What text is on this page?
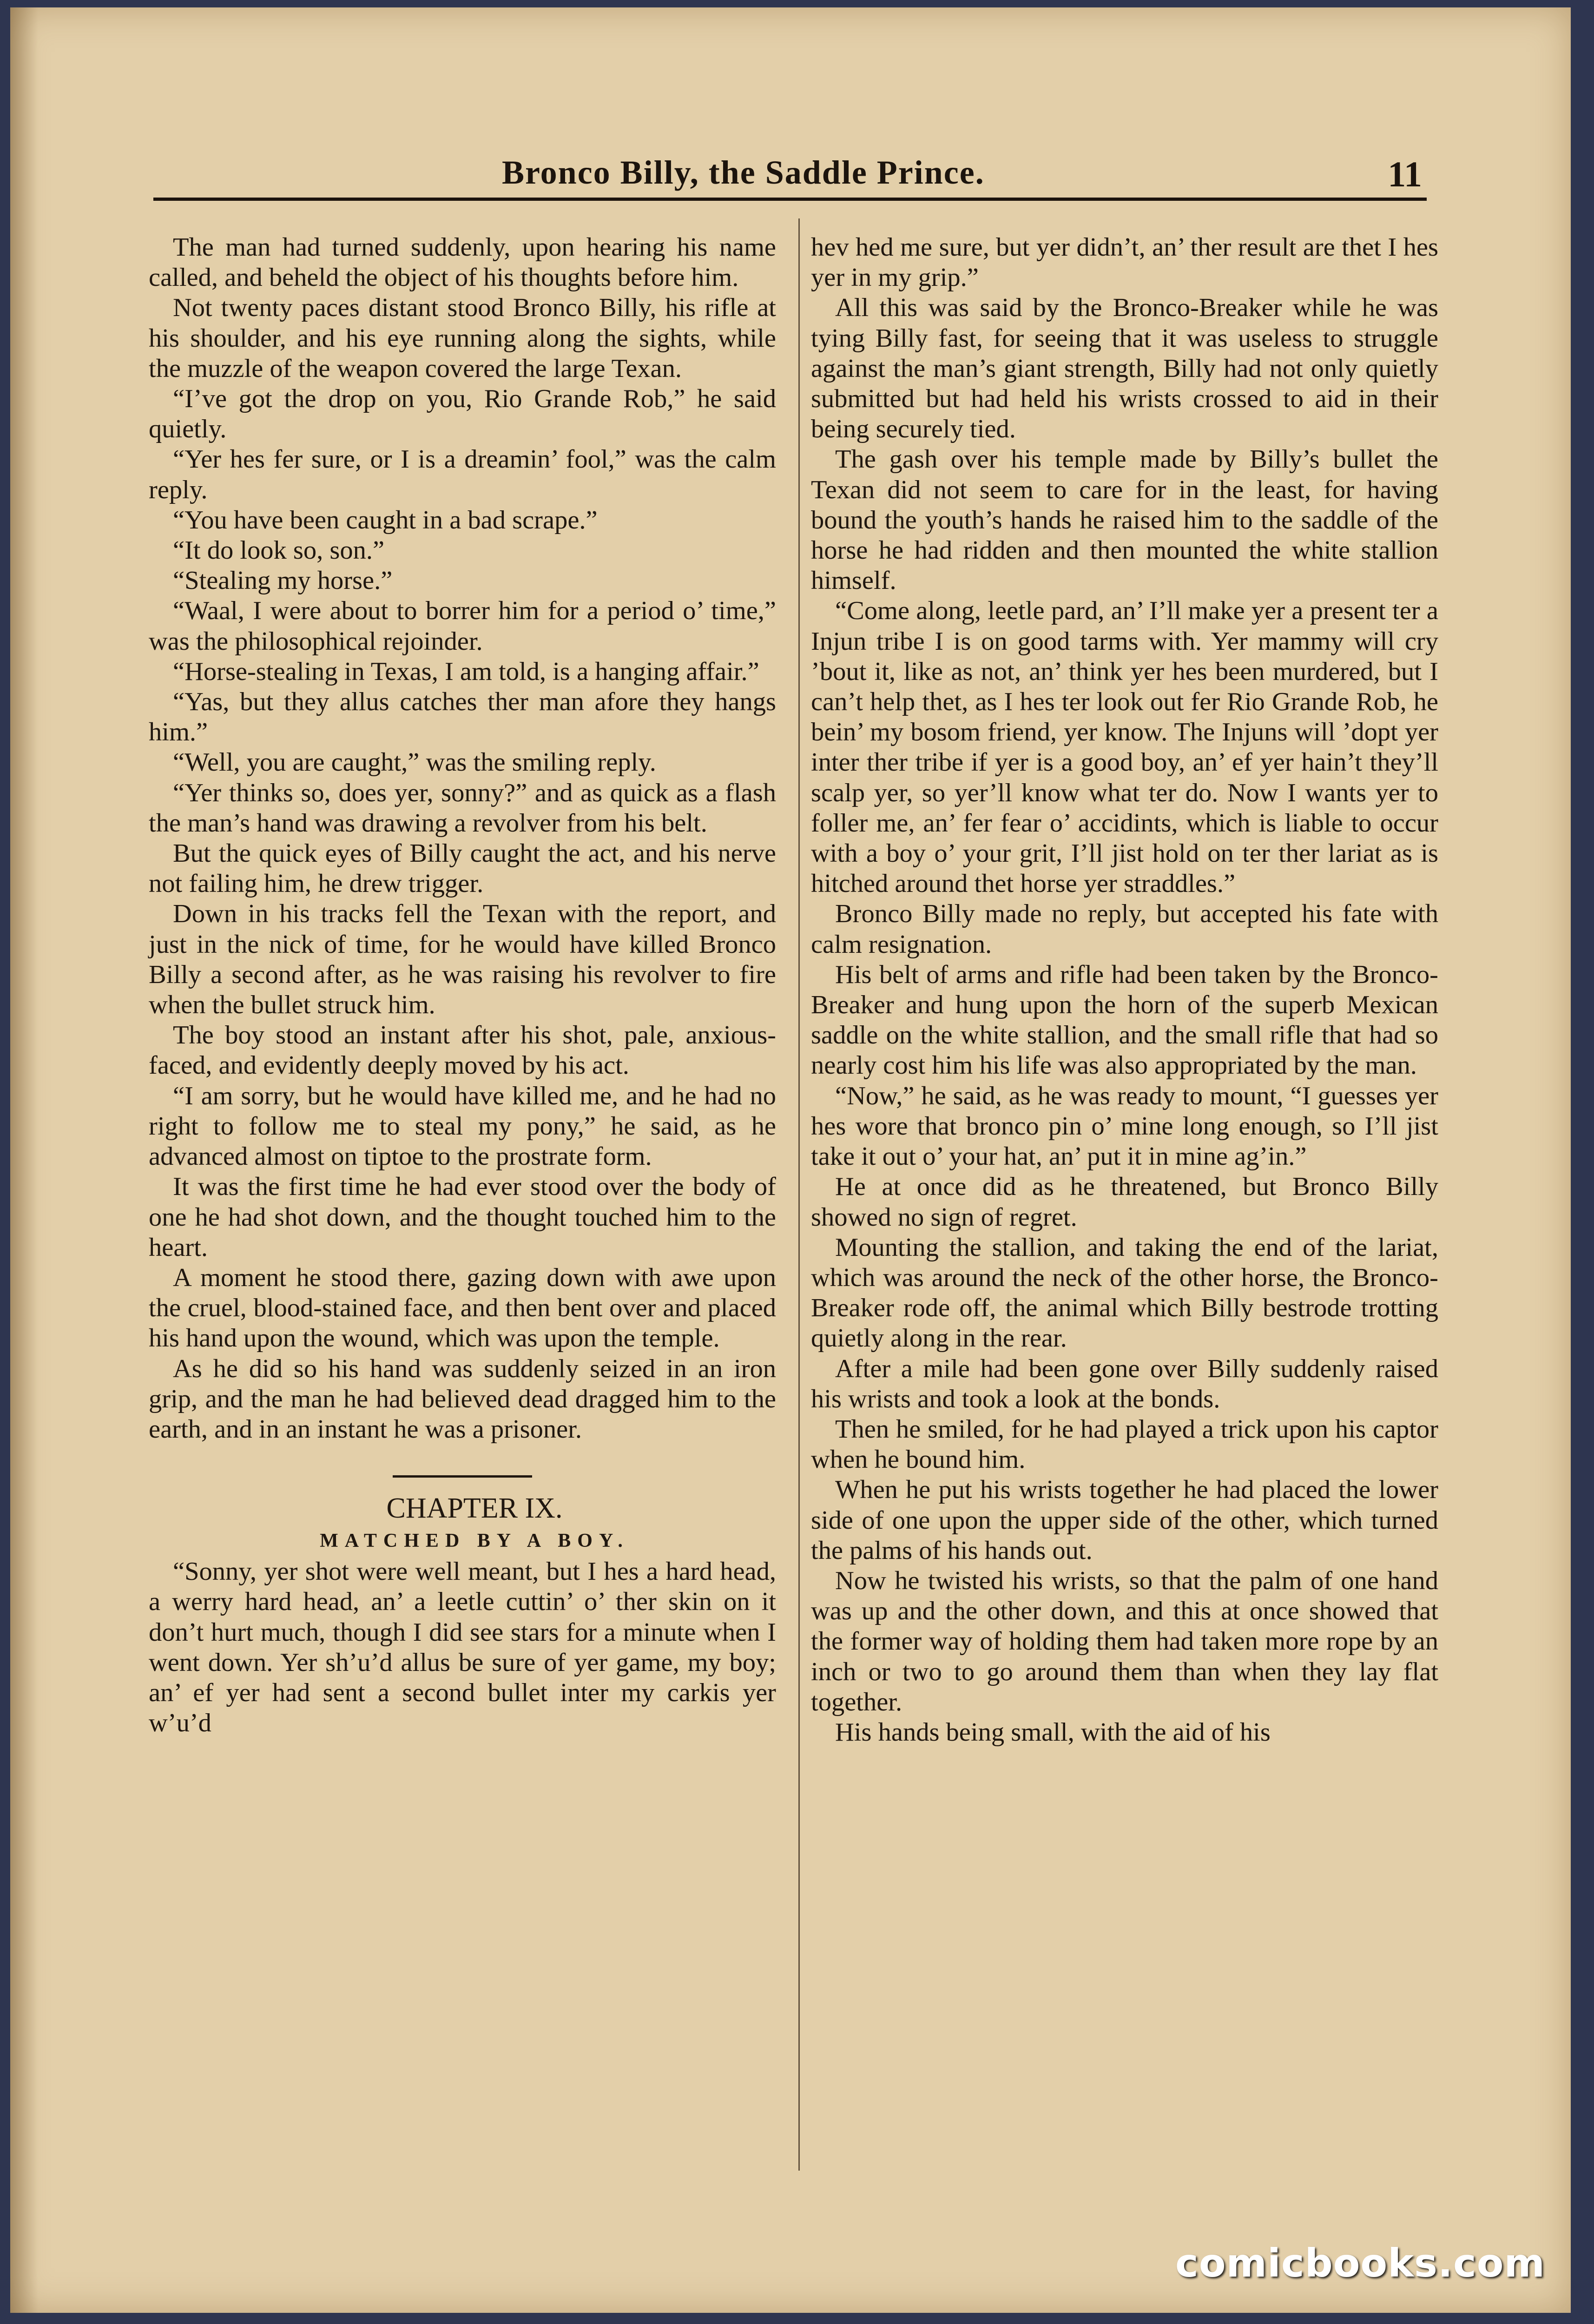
Bronco Billy, the Saddle Prince.	11

The man had turned suddenly, upon hearing his name called, and beheld the object of his thoughts before him.

Not twenty paces distant stood Bronco Billy, his rifle at his shoulder, and his eye running along the sights, while the muzzle of the weapon covered the large Texan.

“I’ve got the drop on you, Rio Grande Rob,” he said quietly.

“Yer hes fer sure, or I is a dreamin’ fool,” was the calm reply.

“You have been caught in a bad scrape.”

“It do look so, son.”

“Stealing my horse.”

“Waal, I were about to borrer him for a period o’ time,” was the philosophical rejoinder.

“Horse-stealing in Texas, I am told, is a hanging affair.”

“Yas, but they allus catches ther man afore they hangs him.”

“Well, you are caught,” was the smiling reply.

“Yer thinks so, does yer, sonny?” and as quick as a flash the man’s hand was drawing a revolver from his belt.

But the quick eyes of Billy caught the act, and his nerve not failing him, he drew trigger.

Down in his tracks fell the Texan with the report, and just in the nick of time, for he would have killed Bronco Billy a second after, as he was raising his revolver to fire when the bullet struck him.

The boy stood an instant after his shot, pale, anxious-faced, and evidently deeply moved by his act.

“I am sorry, but he would have killed me, and he had no right to follow me to steal my pony,” he said, as he advanced almost on tiptoe to the prostrate form.

It was the first time he had ever stood over the body of one he had shot down, and the thought touched him to the heart.

A moment he stood there, gazing down with awe upon the cruel, blood-stained face, and then bent over and placed his hand upon the wound, which was upon the temple.

As he did so his hand was suddenly seized in an iron grip, and the man he had believed dead dragged him to the earth, and in an instant he was a prisoner.

CHAPTER IX.

MATCHED BY A BOY.

“Sonny, yer shot were well meant, but I hes a hard head, a werry hard head, an’ a leetle cuttin’ o’ ther skin on it don’t hurt much, though I did see stars for a minute when I went down. Yer sh’u’d allus be sure of yer game, my boy; an’ ef yer had sent a second bullet inter my carkis yer w’u’d

hev hed me sure, but yer didn’t, an’ ther result are thet I hes yer in my grip.”

All this was said by the Bronco-Breaker while he was tying Billy fast, for seeing that it was useless to struggle against the man’s giant strength, Billy had not only quietly submitted but had held his wrists crossed to aid in their being securely tied.

The gash over his temple made by Billy’s bullet the Texan did not seem to care for in the least, for having bound the youth’s hands he raised him to the saddle of the horse he had ridden and then mounted the white stallion himself.

“Come along, leetle pard, an’ I’ll make yer a present ter a Injun tribe I is on good tarms with. Yer mammy will cry ’bout it, like as not, an’ think yer hes been murdered, but I can’t help thet, as I hes ter look out fer Rio Grande Rob, he bein’ my bosom friend, yer know. The Injuns will ’dopt yer inter ther tribe if yer is a good boy, an’ ef yer hain’t they’ll scalp yer, so yer’ll know what ter do. Now I wants yer to foller me, an’ fer fear o’ accidints, which is liable to occur with a boy o’ your grit, I’ll jist hold on ter ther lariat as is hitched around thet horse yer straddles.”

Bronco Billy made no reply, but accepted his fate with calm resignation.

His belt of arms and rifle had been taken by the Bronco-Breaker and hung upon the horn of the superb Mexican saddle on the white stallion, and the small rifle that had so nearly cost him his life was also appropriated by the man.

“Now,” he said, as he was ready to mount, “I guesses yer hes wore that bronco pin o’ mine long enough, so I’ll jist take it out o’ your hat, an’ put it in mine ag’in.”

He at once did as he threatened, but Bronco Billy showed no sign of regret.

Mounting the stallion, and taking the end of the lariat, which was around the neck of the other horse, the Bronco-Breaker rode off, the animal which Billy bestrode trotting quietly along in the rear.

After a mile had been gone over Billy suddenly raised his wrists and took a look at the bonds.

Then he smiled, for he had played a trick upon his captor when he bound him.

When he put his wrists together he had placed the lower side of one upon the upper side of the other, which turned the palms of his hands out.

Now he twisted his wrists, so that the palm of one hand was up and the other down, and this at once showed that the former way of holding them had taken more rope by an inch or two to go around them than when they lay flat together.

His hands being small, with the aid of his

comicbooks.com
